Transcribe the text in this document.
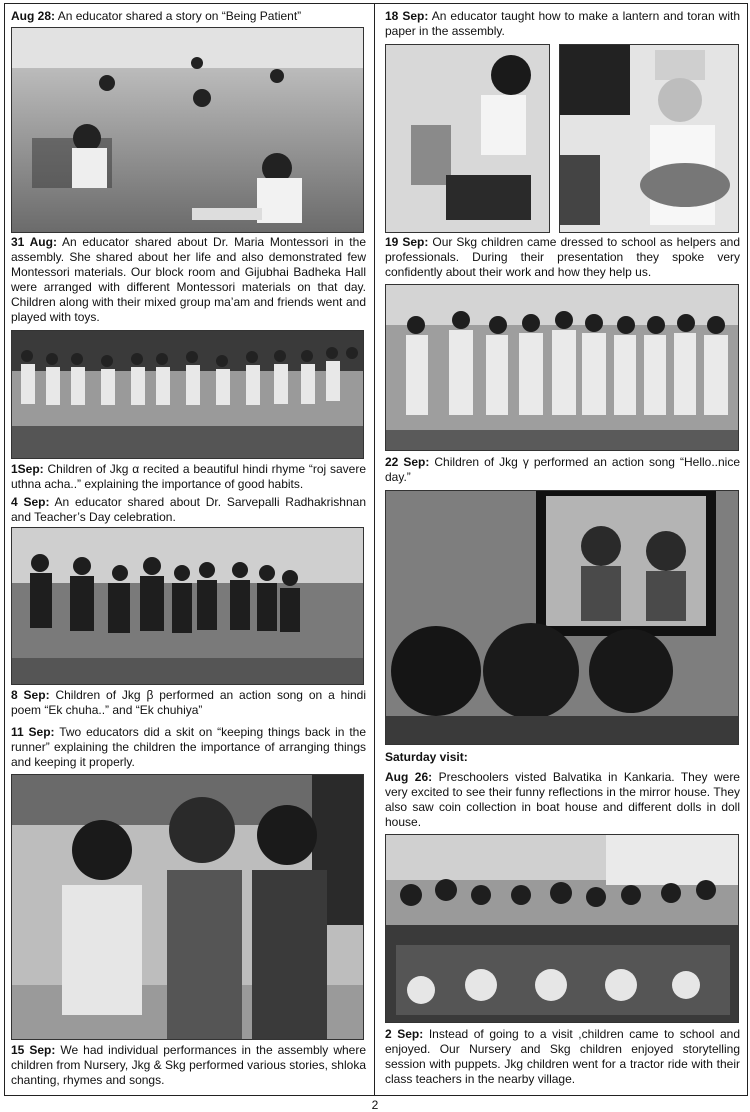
Aug 28: An educator shared a story on “Being Patient”
31 Aug: An educator shared about Dr. Maria Montessori in the assembly. She shared about her life and also demonstrated few Montessori materials. Our block room and Gijubhai Badheka Hall were arranged with different Montessori materials on that day. Children along with their mixed group ma’am and friends went and played with toys.
1Sep: Children of Jkg α recited a beautiful hindi rhyme “roj savere uthna acha..” explaining the importance of good habits.
4 Sep: An educator shared about Dr. Sarvepalli Radhakrishnan and Teacher’s Day celebration.
8 Sep: Children of Jkg β performed an action song on a hindi poem “Ek chuha..” and “Ek chuhiya”
11 Sep: Two educators did a skit on “keeping things back in the runner” explaining the children the importance of arranging things and keeping it properly.
15 Sep: We had individual performances in the assembly where children from Nursery, Jkg & Skg performed various stories, shloka chanting, rhymes and songs.
18 Sep: An educator taught how to make a lantern and toran with paper in the assembly.
19 Sep: Our Skg children came dressed to school as helpers and professionals. During their presentation they spoke very confidently about their work and how they help us.
22 Sep: Children of Jkg γ performed an action song “Hello..nice day.”
Saturday visit:
Aug 26: Preschoolers visted Balvatika in Kankaria. They were very excited to see their funny reflections in the mirror house. They also saw coin collection in boat house and different dolls in doll house.
2 Sep: Instead of going to a visit ,children came to school and enjoyed. Our Nursery and Skg children enjoyed storytelling session with puppets. Jkg children went for a tractor ride with their class teachers in the nearby village.
2
